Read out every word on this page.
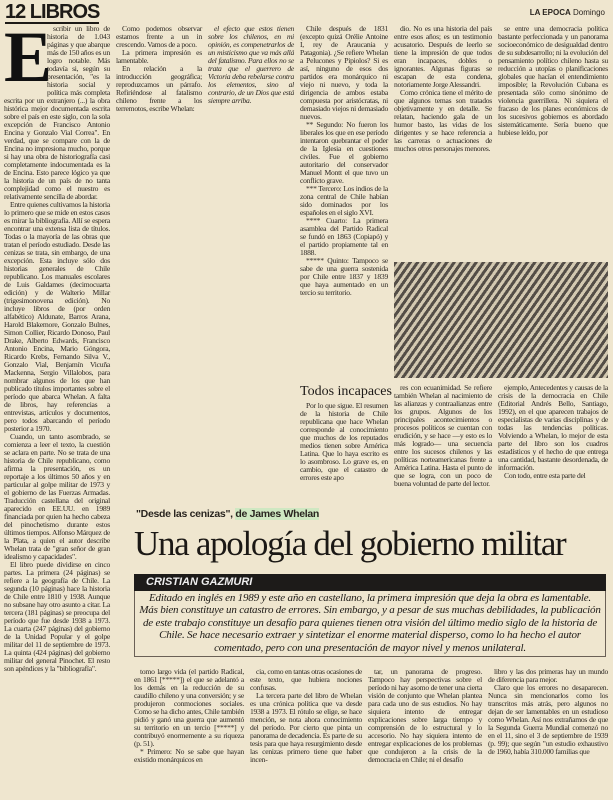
12 LIBROS	LA EPOCA Domingo
E scribir un libro de historia de 1.043 páginas y que abarque más de 150 años es un logro notable. Más todavía si, según su presentación, "es la historia social y política más completa escrita por un extranjero (...) la obra histórica mejor documentada escrita sobre el país en este siglo, con la sola excepción de Francisco Antonio Encina y Gonzalo Vial Correa". En verdad, que se compare con la de Encina no impresiona mucho, porque si hay una obra de historiografía casi completamente indocumentada es la de Encina. Esto parece lógico ya que la historia de un país de no tanta complejidad como el nuestro es relativamente sencilla de abordar.

Entre quienes cultivamos la historia lo primero que se mide en estos casos es mirar la bibliografía. Allí se espera encontrar una extensa lista de títulos. Todas o la mayoría de las obras que tratan el período estudiado. Desde las cenizas se trata, sin embargo, de una excepción. Esta incluye sólo dos historias generales de Chile republicano. Los manuales escolares de Luis Galdames (decimocuarta edición) y de Walterio Millar (trigesimonovena edición). No incluye libros de (por orden alfabético) Aldunate, Barros Arana, Harold Blakemore, Gonzalo Bulnes, Simon Collier, Ricardo Donoso, Paul Drake, Alberto Edwards, Francisco Antonio Encina, Mario Góngora, Ricardo Krebs, Fernando Silva V., Gonzalo Vial, Benjamín Vicuña Mackenna, Sergio Villalobos, para nombrar algunos de los que han publicado títulos importantes sobre el período que abarca Whelan. A falta de libros, hay referencias a entrevistas, artículos y documentos, pero todos abarcando el período posterior a 1970.

Cuando, un tanto asombrado, se comienza a leer el texto, la cuestión se aclara en parte. No se trata de una historia de Chile republicano, como afirma la presentación, es un reportaje a los últimos 50 años y en particular al golpe militar de 1973 y el gobierno de las Fuerzas Armadas. Traducción castellana del original aparecido en EE.UU. en 1989 financiada por quien ha hecho cabeza del pinochetismo durante estos últimos tiempos. Alfonso Márquez de la Plata, a quien el autor describe Whelan trata de "gran señor de gran idealismo y capacidades".

El libro puede dividirse en cinco partes. La primera (24 páginas) se refiere a la geografía de Chile. La segunda (10 páginas) hace la historia de Chile entre 1810 y 1938. Aunque no subsane hay otro asunto a citar. La tercera (181 páginas) se preocupa del período que fue desde 1938 a 1973. La cuarta (247 páginas) del gobierno de la Unidad Popular y el golpe militar del 11 de septiembre de 1973. La quinta (424 páginas) del gobierno militar del general Pinochet. El resto son apéndices y la "bibliografía".

Como podemos observar estamos frente a un in crescendo. Vamos de a poco.

La primera impresión es lamentable.

En relación a la introducción geográfica; reproduzcamos un párrafo. Refiriéndose al fatalismo chileno frente a los terremotos, escribe Whelan:

el efecto que estos tienen sobre los chilenos, en mi opinión, es compenetrarlos de un misticismo que va más allá del fatalismo. Para ellos no se trata que el guerrero de Victoria deba rebelarse contra los elementos, sino al contrario, de un Dios que está siempre arriba.

Chile después de 1831 (excepto quizá Orélie Antoine I, rey de Araucania y Patagonia). ¿Se refiere Whelan a Pelucones y Pipiolos? Si es así, ninguno de esos dos partidos era monárquico ni viejo ni nuevo, y toda la dirigencia de ambos estaba compuesta por aristócratas, ni demasiado viejos ni demasiado nuevos.

** Segundo: No fueron los liberales los que en ese período intentaron quebrantar el poder de la Iglesia en cuestiones civiles. Fue el gobierno autoritario del conservador Manuel Montt el que tuvo un conflicto grave.

*** Tercero: Los indios de la zona central de Chile habían sido dominados por los españoles en el siglo XVI.

**** Cuarto: La primera asamblea del Partido Radical se fundó en 1863 (Copiapó) y el partido propiamente tal en 1888.

***** Quinto: Tampoco se sabe de una guerra sostenida por Chile entre 1837 y 1839 que haya aumentado en un tercio su territorio.

dio. No es una historia del país entre esos años; es un testimonio acusatorio. Después de leerlo se tiene la impresión de que todos eran incapaces, dobles o ignorantes. Algunas figuras se escapan de esta condena, notoriamente Jorge Alessandri.

Como crónica tiene el mérito de que algunos temas son tratados objetivamente y en detalle. Se relatan, haciendo gala de un humor basto, las vidas de los dirigentes y se hace referencia a las carreras o actuaciones de muchos otros personajes menores.

se entre una democracia política bastante perfeccionada y un panorama socioeconómico de desigualdad dentro de su subdesarrollo; ni la evolución del pensamiento político chileno hasta su reducción a utopías o planificaciones globales que hacían el entendimiento imposible; la Revolución Cubana es presentada sólo como sinónimo de violencia guerrillera. Ni siquiera el fracaso de los planes económicos de los sucesivos gobiernos es abordado sistemáticamente. Sería bueno que hubiese leído, por

Todos incapaces

Por lo que sigue. El resumen de la historia de Chile republicana que hace Whelan corresponde al conocimiento que muchos de los reputados medios tienen sobre América Latina. Que lo haya escrito es lo asombroso. Lo grave es, en cambio, que el catastro de errores este apo

res con ecuanimidad. Se refiere también Whelan al nacimiento de las alianzas y contraalianzas entre los grupos. Algunos de los principales acontecimientos o procesos políticos se cuentan con erudición, y se hace —y esto es lo más logrado— una secuencia entre los sucesos chilenos y las políticas norteamericanas frente a América Latina. Hasta el punto de que se logra, con un poco de buena voluntad de parte del lector.

ejemplo, Antecedentes y causas de la crisis de la democracia en Chile (Editorial Andrés Bello, Santiago, 1992), en el que aparecen trabajos de especialistas de varias disciplinas y de todas las tendencias políticas. Volviendo a Whelan, lo mejor de esta parte del libro son los cuadros estadísticos y el hecho de que entrega una cantidad, bastante desordenada, de información.

Con todo, entre esta parte del

"Desde las cenizas", de James Whelan
Una apología del gobierno militar
CRISTIAN GAZMURI
Editado en inglés en 1989 y este año en castellano, la primera impresión que deja la obra es lamentable. Más bien constituye un catastro de errores. Sin embargo, y a pesar de sus muchas debilidades, la publicación de este trabajo constituye un desafío para quienes tienen otra visión del último medio siglo de la historia de Chile. Se hace necesario extraer y sintetizar el enorme material disperso, como lo ha hecho el autor comentado, pero con una presentación de mayor nivel y menos unilateral.

tomo largo vida (el partido Radical, en 1861 [*****]) el que se adelantó a los demás en la reducción de su caudillo chileno y una conversión; y se produjeron conmociones sociales. Como se ha dicho antes, Chile también pidió y ganó una guerra que aumentó su territorio en un tercio [*****] y contribuyó enormemente a su riqueza (p. 51).

* Primero: No se sabe que hayan existido monárquicos en

cia, como en tantas otras ocasiones de este texto, que hubiera nociones confusas.

La tercera parte del libro de Whelan es una crónica política que va desde 1938 a 1973. El rótulo se elige, se hace mención, se nota ahora conocimiento del período. Por cierto que pinta un panorama de decadencia. Es parte de su tesis para que haya resurgimiento desde las cenizas primero tiene que haber incen-

tar, un panorama de progreso. Tampoco hay perspectivas sobre el período ni hay asomo de tener una cierta visión de conjunto que Whelan plantea para cada uno de sus estudios. No hay siquiera intento de entregar explicaciones sobre larga tiempo y comprensión de lo estructural y lo accesorio. No hay siquiera intento de entregar explicaciones de los problemas que condujeron a la crisis de la democracia en Chile; ni el desafío

libro y las dos primeras hay un mundo de diferencia para mejor.

Claro que los errores no desaparecen. Nunca sin mencionarlos como los transcritos más atrás, pero algunos no dejan de ser lamentables en un estudioso como Whelan. Así nos extrañamos de que la Segunda Guerra Mundial comenzó no en el 11, sino el 3 de septiembre de 1939 (p. 99); que según "un estudio exhaustivo de 1960, había 310.000 familias que
